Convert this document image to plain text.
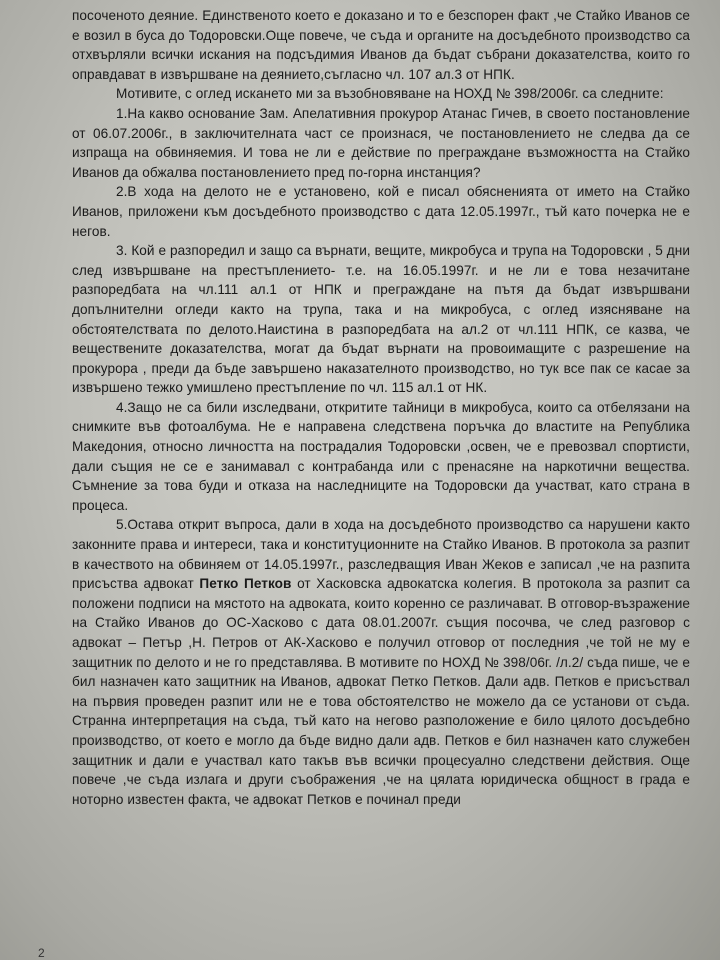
посоченото деяние. Единственото което е доказано и то е безспорен факт ,че Стайко Иванов се е возил в буса до Тодоровски.Още повече, че съда и органите на досъдебното производство са отхвърляли всички искания на подсъдимия Иванов да бъдат събрани доказателства, които го оправдават в извършване на деянието,съгласно чл. 107 ал.3 от НПК.

Мотивите, с оглед искането ми за възобновяване на НОХД № 398/2006г. са следните:

1.На какво основание Зам. Апелативния прокурор Атанас Гичев, в своето постановление от 06.07.2006г., в заключителната част се произнася, че постановлението не следва да се изпраща на обвиняемия. И това не ли е действие по преграждане възможността на Стайко Иванов да обжалва постановлението пред по-горна инстанция?

2.В хода на делото не е установено, кой е писал обясненията от името на Стайко Иванов, приложени към досъдебното производство с дата 12.05.1997г., тъй като почерка не е негов.

3. Кой е разпоредил и защо са върнати, вещите, микробуса и трупа на Тодоровски , 5 дни след извършване на престъплението- т.е. на 16.05.1997г. и не ли е това незачитане разпоредбата на чл.111 ал.1 от НПК и преграждане на пътя да бъдат извършвани допълнителни огледи както на трупа, така и на микробуса, с оглед изясняване на обстоятелствата по делото.Наистина в разпоредбата на ал.2 от чл.111 НПК, се казва, че веществените доказателства, могат да бъдат върнати на провоимащите с разрешение на прокурора , преди да бъде завършено наказателното производство, но тук все пак се касае за извършено тежко умишлено престъпление по чл. 115 ал.1 от НК.

4.Защо не са били изследвани, откритите тайници в микробуса, които са отбелязани на снимките във фотоалбума. Не е направена следствена поръчка до властите на Република Македония, относно личността на пострадалия Тодоровски ,освен, че е превозвал спортисти, дали същия не се е занимавал с контрабанда или с пренасяне на наркотични вещества. Съмнение за това буди и отказа на наследниците на Тодоровски да участват, като страна в процеса.

5.Остава открит въпроса, дали в хода на досъдебното производство са нарушени както законните права и интереси, така и конституционните на Стайко Иванов. В протокола за разпит в качеството на обвиняем от 14.05.1997г., разследващия Иван Жеков е записал ,че на разпита присъства адвокат Петко Петков от Хасковска адвокатска колегия. В протокола за разпит са положени подписи на мястото на адвоката, които коренно се различават. В отговор-възражение на Стайко Иванов до ОС-Хасково с дата 08.01.2007г. същия посочва, че след разговор с адвокат – Петър ,Н. Петров от АК-Хасково е получил отговор от последния ,че той не му е защитник по делото и не го представлява. В мотивите по НОХД № 398/06г. /л.2/ съда пише, че е бил назначен като защитник на Иванов, адвокат Петко Петков. Дали адв. Петков е присъствал на първия проведен разпит или не е това обстоятелство не можело да се установи от съда. Странна интерпретация на съда, тъй като на негово разположение е било цялото досъдебно производство, от което е могло да бъде видно дали адв. Петков е бил назначен като служебен защитник и дали е участвал като такъв във всички процесуално следствени действия. Още повече ,че съда излага и други съображения ,че на цялата юридическа общност в града е нотoрно известен факта, че адвокат Петков е починал преди

2
